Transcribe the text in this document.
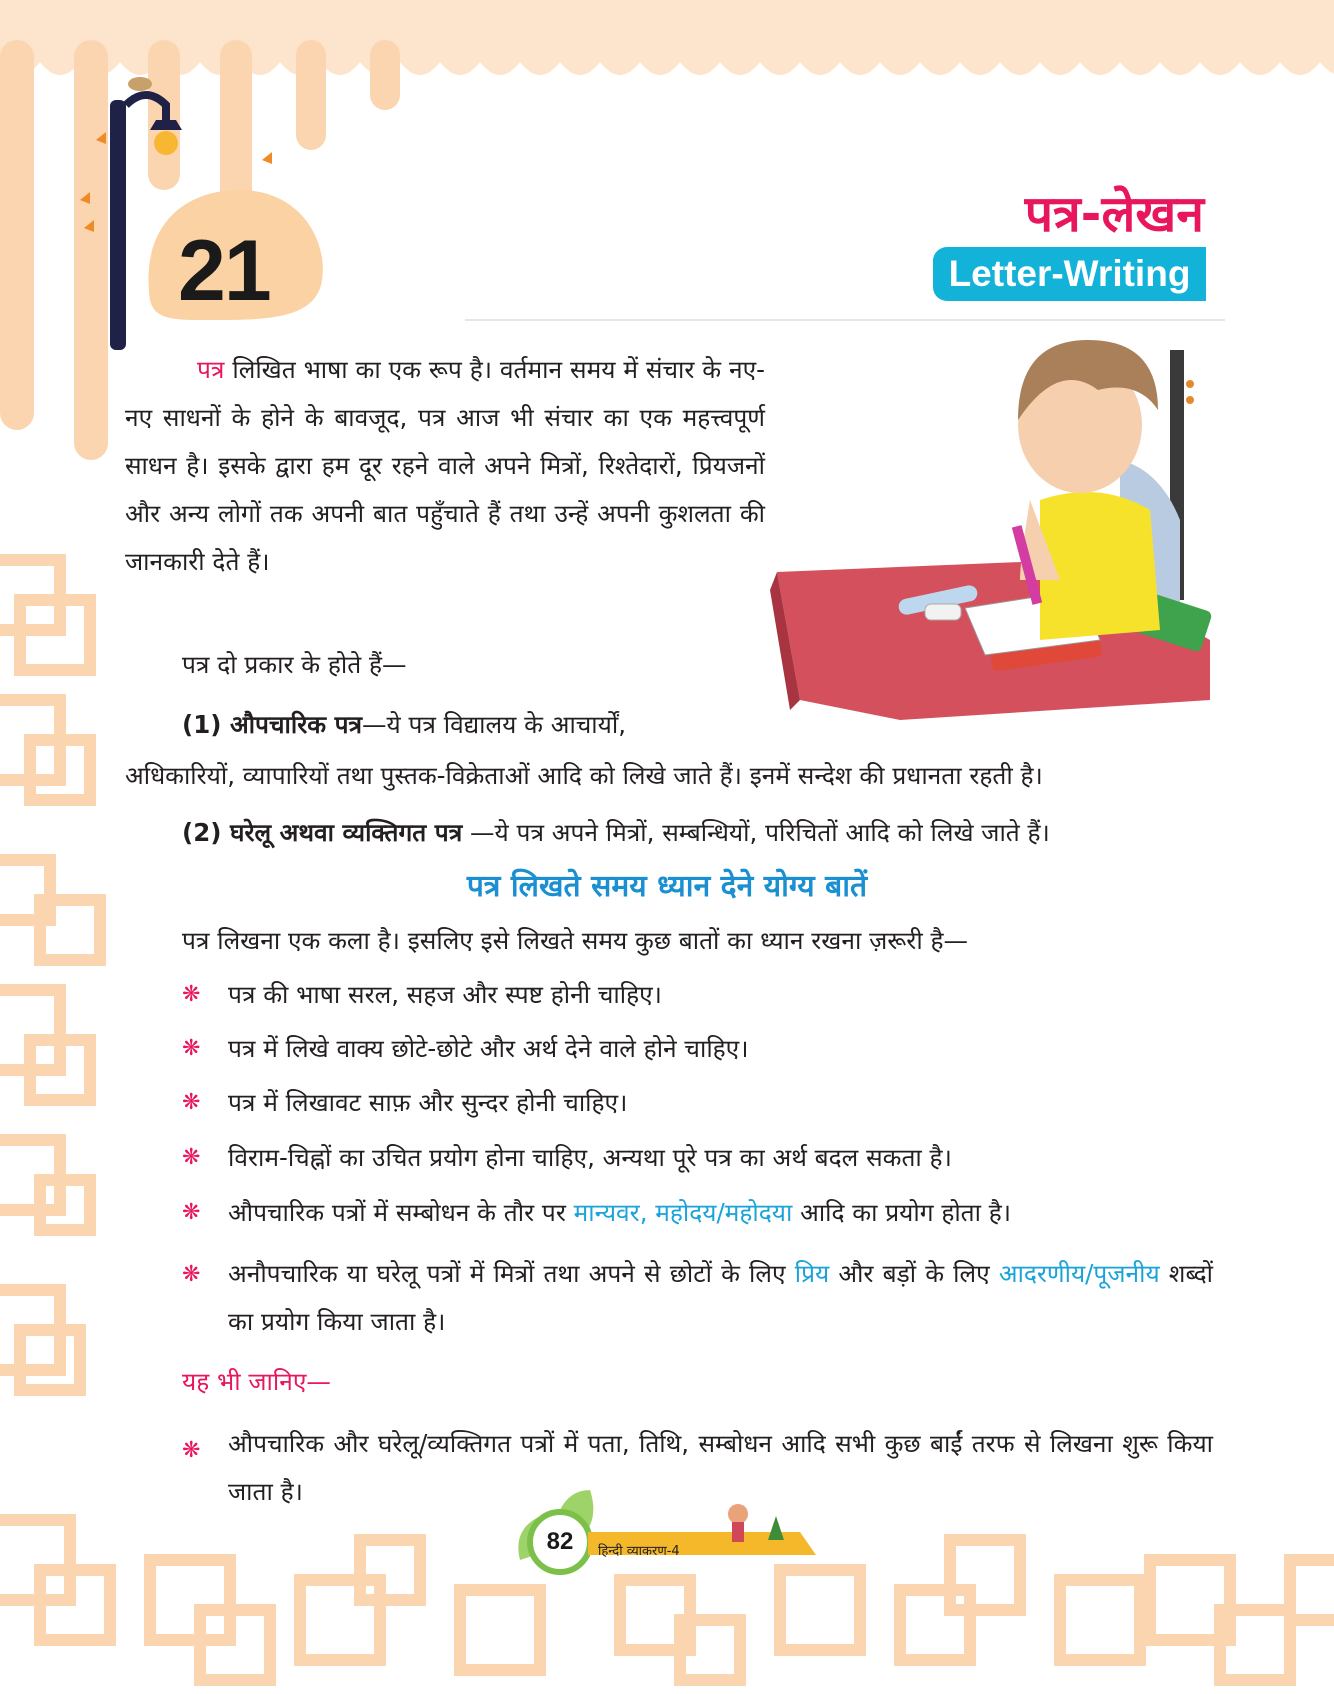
21
पत्र-लेखन
Letter-Writing
पत्र लिखित भाषा का एक रूप है। वर्तमान समय में संचार के नए-नए साधनों के होने के बावजूद, पत्र आज भी संचार का एक महत्त्वपूर्ण साधन है। इसके द्वारा हम दूर रहने वाले अपने मित्रों, रिश्तेदारों, प्रियजनों और अन्य लोगों तक अपनी बात पहुँचाते हैं तथा उन्हें अपनी कुशलता की जानकारी देते हैं।
पत्र दो प्रकार के होते हैं—
(1) औपचारिक पत्र—ये पत्र विद्यालय के आचार्यों,
अधिकारियों, व्यापारियों तथा पुस्तक-विक्रेताओं आदि को लिखे जाते हैं। इनमें सन्देश की प्रधानता रहती है।
(2) घरेलू अथवा व्यक्तिगत पत्र —ये पत्र अपने मित्रों, सम्बन्धियों, परिचितों आदि को लिखे जाते हैं।
पत्र लिखते समय ध्यान देने योग्य बातें
पत्र लिखना एक कला है। इसलिए इसे लिखते समय कुछ बातों का ध्यान रखना ज़रूरी है—
❋ पत्र की भाषा सरल, सहज और स्पष्ट होनी चाहिए।
❋ पत्र में लिखे वाक्य छोटे-छोटे और अर्थ देने वाले होने चाहिए।
❋ पत्र में लिखावट साफ़ और सुन्दर होनी चाहिए।
❋ विराम-चिह्नों का उचित प्रयोग होना चाहिए, अन्यथा पूरे पत्र का अर्थ बदल सकता है।
❋ औपचारिक पत्रों में सम्बोधन के तौर पर मान्यवर, महोदय/महोदया आदि का प्रयोग होता है।
❋ अनौपचारिक या घरेलू पत्रों में मित्रों तथा अपने से छोटों के लिए प्रिय और बड़ों के लिए आदरणीय/पूजनीय शब्दों का प्रयोग किया जाता है।
यह भी जानिए—
❋ औपचारिक और घरेलू/व्यक्तिगत पत्रों में पता, तिथि, सम्बोधन आदि सभी कुछ बाईं तरफ से लिखना शुरू किया जाता है।
82	हिन्दी व्याकरण-4
